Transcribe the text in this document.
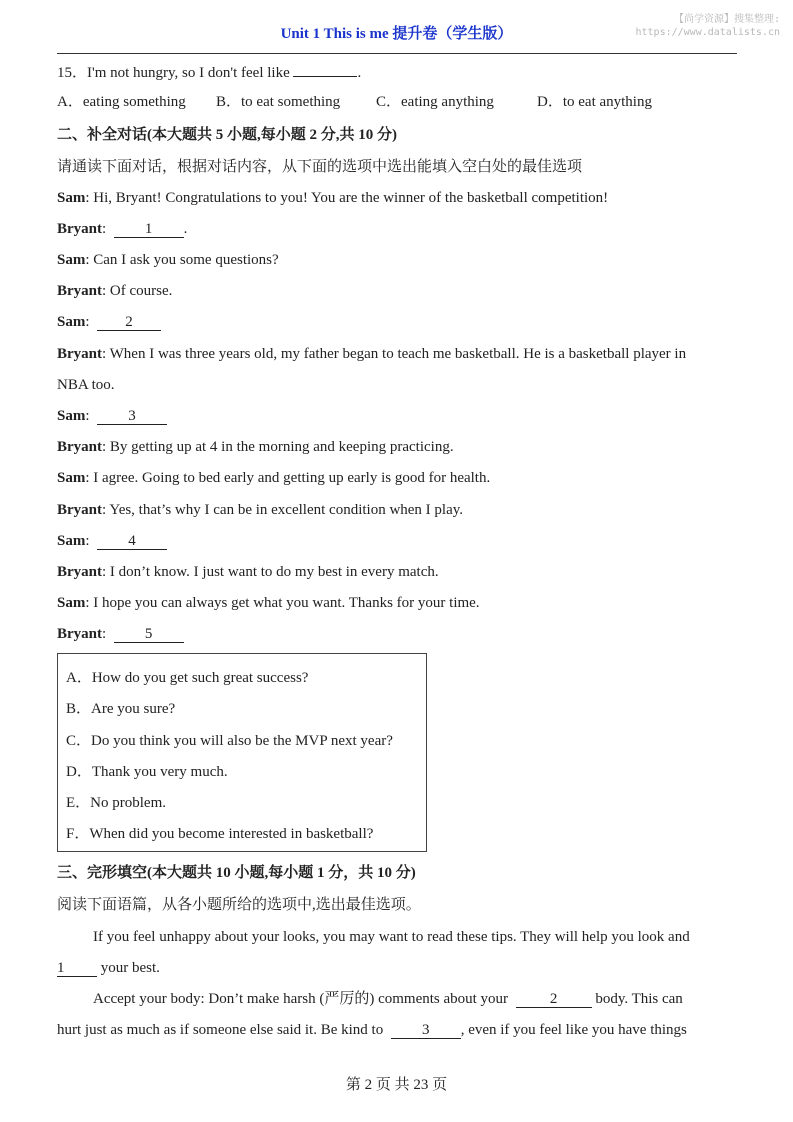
Unit 1 This is me 提升卷（学生版）
【尚学资源】搜集整理:
https://www.datalists.cn
15．I'm not hungry, so I don't feel like	.
A．eating something B．to eat something C．eating anything	D．to eat anything
二、补全对话(本大题共 5 小题,每小题 2 分,共 10 分)
请通读下面对话，根据对话内容，从下面的选项中选出能填入空白处的最佳选项
Sam: Hi, Bryant! Congratulations to you! You are the winner of the basketball competition!
Bryant:	1 .
Sam: Can I ask you some questions?
Bryant: Of course.
Sam: 2
Bryant: When I was three years old, my father began to teach me basketball. He is a basketball player in
NBA too.
Sam:	3
Bryant: By getting up at 4 in the morning and keeping practicing.
Sam: I agree. Going to bed early and getting up early is good for health.
Bryant: Yes, that’s why I can be in excellent condition when I play.
Sam:	4
Bryant: I don’t know. I just want to do my best in every match.
Sam: I hope you can always get what you want. Thanks for your time.
Bryant:	5
A．How do you get such great success?
B．Are you sure?
C．Do you think you will also be the MVP next year?
D．Thank you very much.
E．No problem.
F．When did you become interested in basketball?
三、完形填空(本大题共 10 小题,每小题 1 分，共 10 分)
阅读下面语篇，从各小题所给的选项中,选出最佳选项。
If you feel unhappy about your looks, you may want to read these tips. They will help you look and
1 your best.
Accept your body: Don’t make harsh (严厉的) comments about your	2 body. This can
hurt just as much as if someone else said it. Be kind to	3 , even if you feel like you have things
第 2 页 共 23 页
